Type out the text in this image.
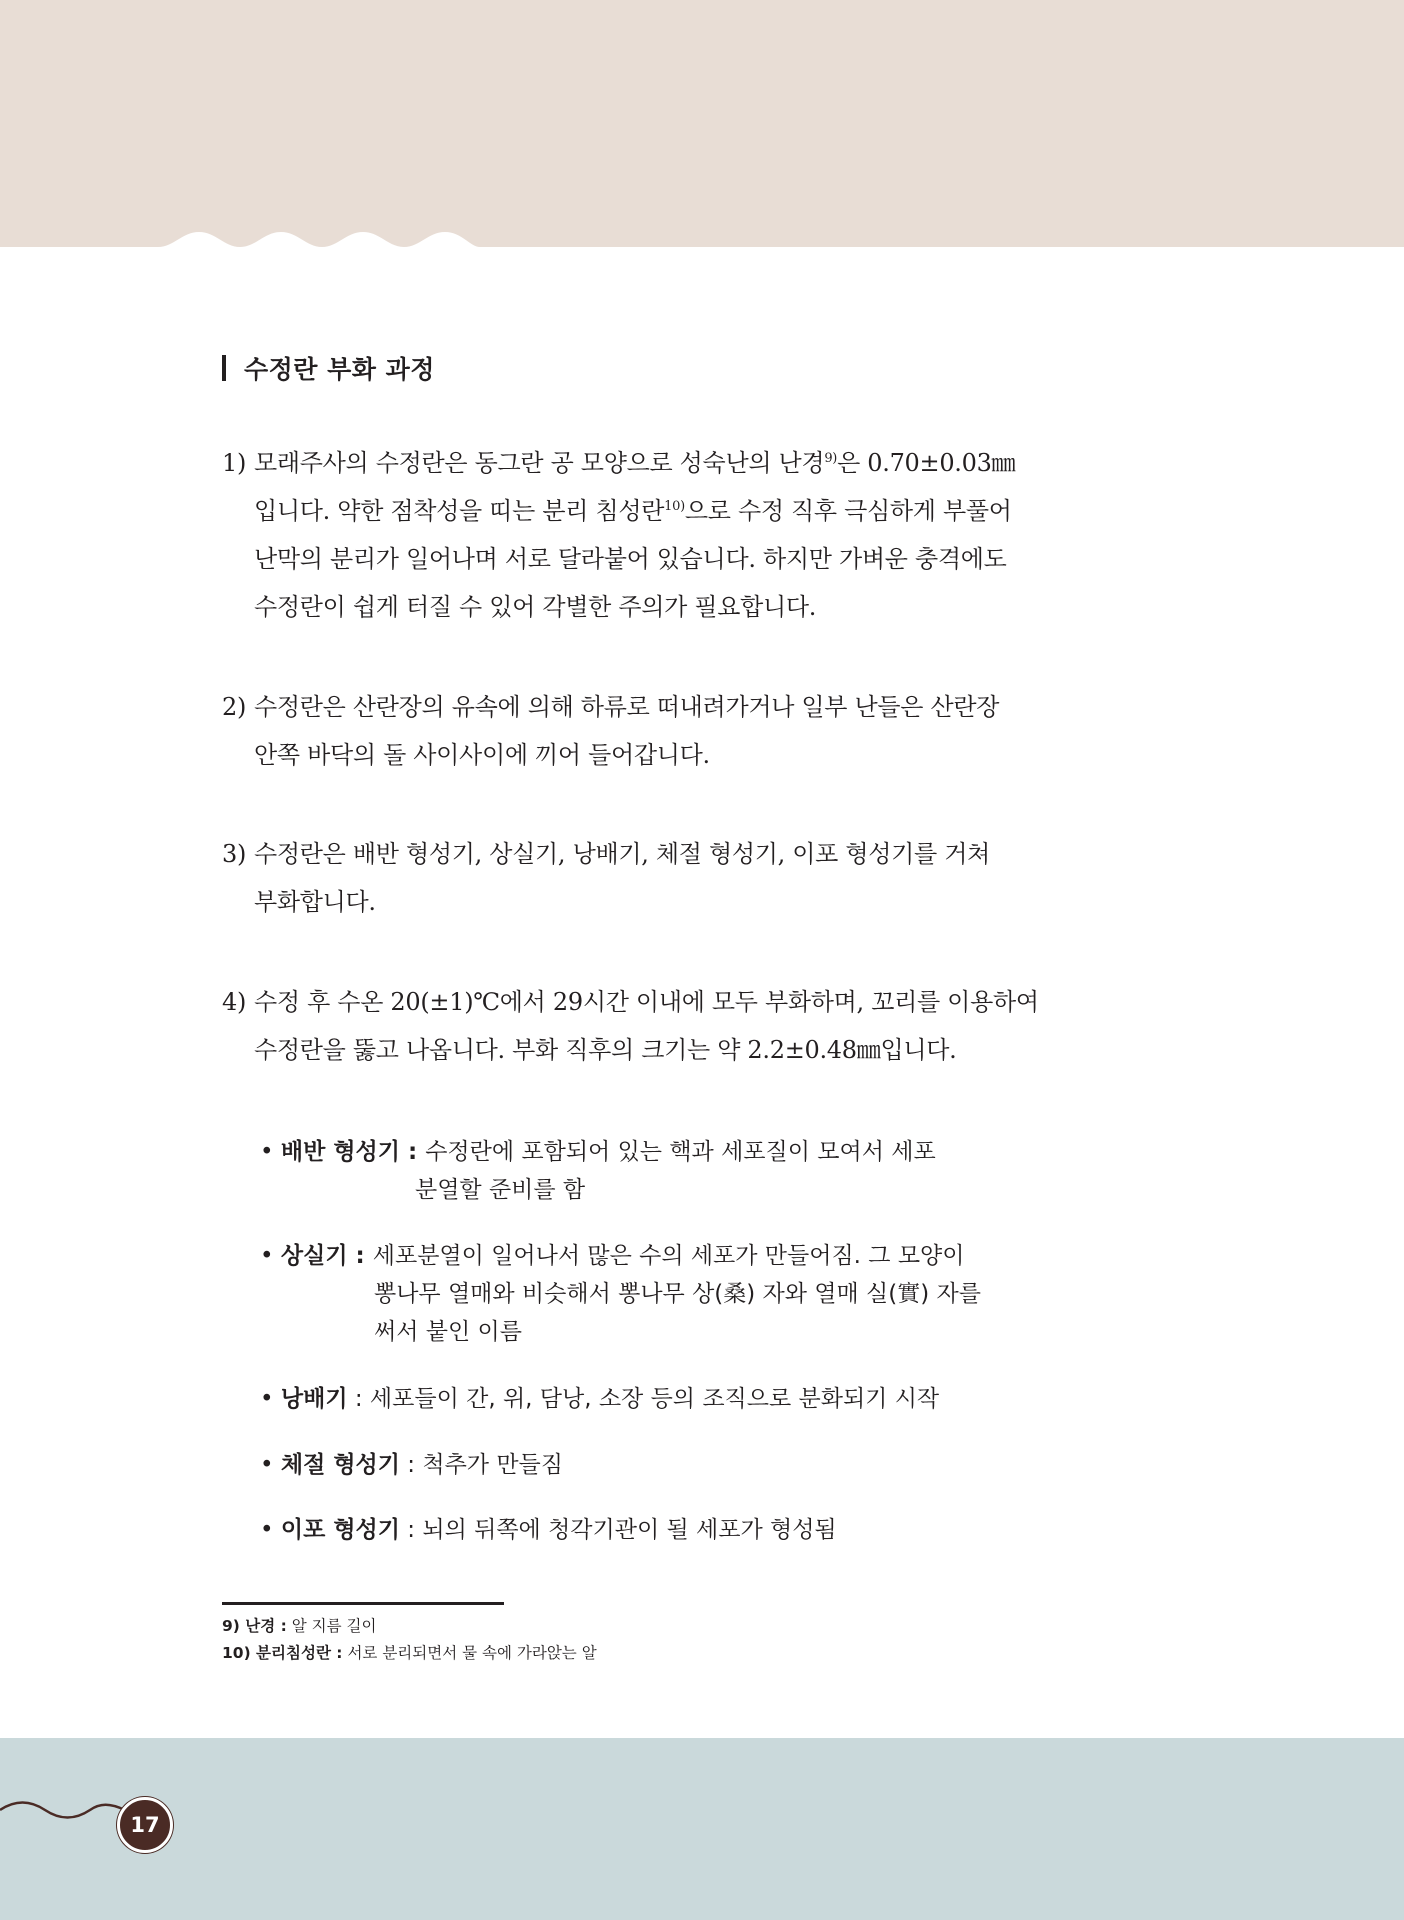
수정란 부화 과정
1) 모래주사의 수정란은 동그란 공 모양으로 성숙난의 난경$^{9)}$은 0.70±0.03㎜
입니다. 약한 점착성을 띠는 분리 침성란$^{10)}$으로 수정 직후 극심하게 부풀어
난막의 분리가 일어나며 서로 달라붙어 있습니다. 하지만 가벼운 충격에도
수정란이 쉽게 터질 수 있어 각별한 주의가 필요합니다.
2) 수정란은 산란장의 유속에 의해 하류로 떠내려가거나 일부 난들은 산란장
안쪽 바닥의 돌 사이사이에 끼어 들어갑니다.
3) 수정란은 배반 형성기, 상실기, 낭배기, 체절 형성기, 이포 형성기를 거쳐
부화합니다.
4) 수정 후 수온 20(±1)℃에서 29시간 이내에 모두 부화하며, 꼬리를 이용하여
수정란을 뚫고 나옵니다. 부화 직후의 크기는 약 2.2±0.48㎜입니다.
• 배반 형성기 : 수정란에 포함되어 있는 핵과 세포질이 모여서 세포
분열할 준비를 함
• 상실기 : 세포분열이 일어나서 많은 수의 세포가 만들어짐. 그 모양이
뽕나무 열매와 비슷해서 뽕나무 상(桑) 자와 열매 실(實) 자를
써서 붙인 이름
• 낭배기 : 세포들이 간, 위, 담낭, 소장 등의 조직으로 분화되기 시작
• 체절 형성기 : 척추가 만들짐
• 이포 형성기 : 뇌의 뒤쪽에 청각기관이 될 세포가 형성됨
9) 난경 : 알 지름 길이
10) 분리침성란 : 서로 분리되면서 물 속에 가라앉는 알
17
